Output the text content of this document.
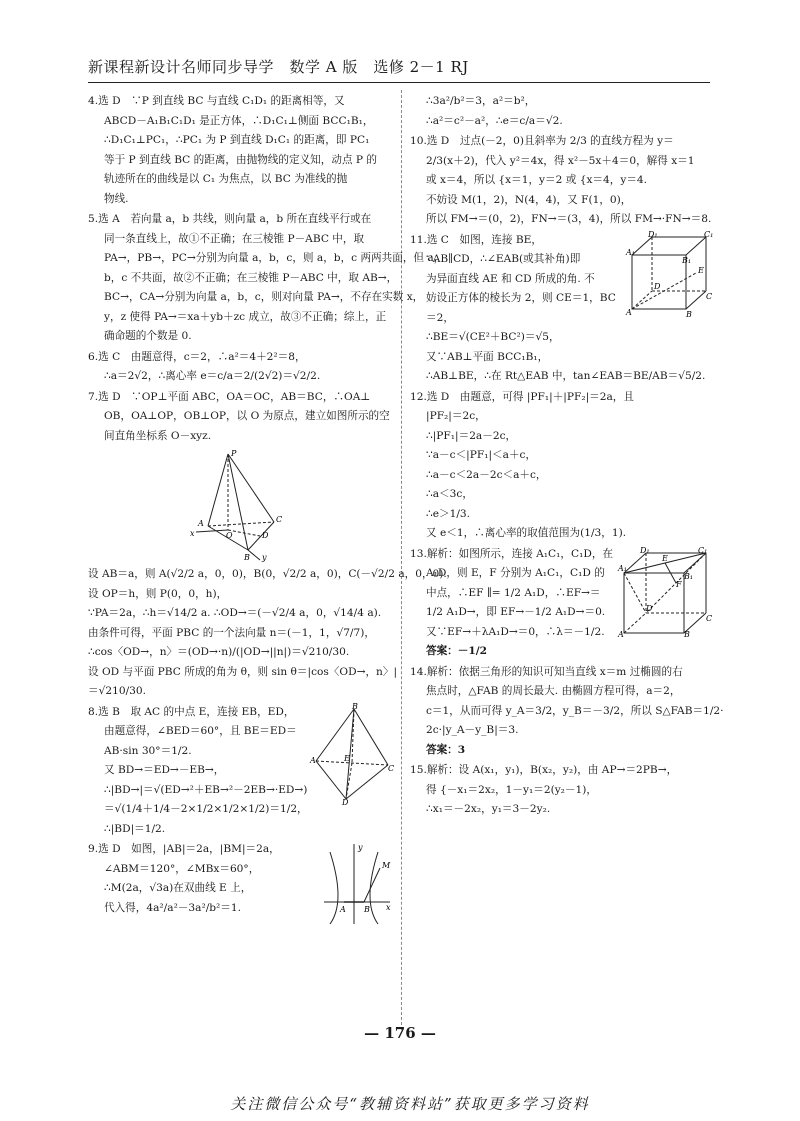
新课程新设计名师同步导学　数学 A 版　选修 2－1 RJ
4.选 D　∵P 到直线 BC 与直线 C₁D₁ 的距离相等，又
ABCD－A₁B₁C₁D₁ 是正方体，∴D₁C₁⊥侧面 BCC₁B₁，
∴D₁C₁⊥PC₁，∴PC₁ 为 P 到直线 D₁C₁ 的距离，即 PC₁
等于 P 到直线 BC 的距离，由抛物线的定义知，动点 P 的
轨迹所在的曲线是以 C₁ 为焦点，以 BC 为准线的抛
物线.
5.选 A　若向量 a，b 共线，则向量 a，b 所在直线平行或在
同一条直线上，故①不正确；在三棱锥 P－ABC 中，取
PA→，PB→，PC→分别为向量 a，b，c，则 a，b，c 两两共面，但 a，
b，c 不共面，故②不正确；在三棱锥 P－ABC 中，取 AB→，
BC→，CA→分别为向量 a，b，c，则对向量 PA→，不存在实数 x，
y，z 使得 PA→＝xa＋yb＋zc 成立，故③不正确；综上，正
确命题的个数是 0.
6.选 C　由题意得，c＝2，∴a²＝4＋2²＝8，
∴a＝2√2，∴离心率 e＝c/a＝2/(2√2)＝√2/2.
7.选 D　∵OP⊥平面 ABC，OA＝OC，AB＝BC，∴OA⊥
OB，OA⊥OP，OB⊥OP，以 O 为原点，建立如图所示的空
间直角坐标系 O－xyz.
P
A	C
B
O	D
x
y
设 AB＝a，则 A(√2/2 a，0，0)，B(0，√2/2 a，0)，C(－√2/2 a，0，0).
设 OP＝h，则 P(0，0，h)，
∵PA＝2a，∴h＝√14/2 a. ∴OD→＝(－√2/4 a，0，√14/4 a).
由条件可得，平面 PBC 的一个法向量 n＝(－1，1，√7/7)，
∴cos〈OD→，n〉＝(OD→·n)/(|OD→||n|)＝√210/30.
设 OD 与平面 PBC 所成的角为 θ，则 sin θ＝|cos〈OD→，n〉|
＝√210/30.
B
A
C
D
E
8.选 B　取 AC 的中点 E，连接 EB，ED，
由题意得，∠BED＝60°，且 BE＝ED＝
AB·sin 30°＝1/2.
又 BD→＝ED→－EB→，
∴|BD→|＝√(ED→²＋EB→²－2EB→·ED→)
＝√(1/4＋1/4－2×1/2×1/2×1/2)＝1/2，
∴|BD|＝1/2.
M
A B
y
x
9.选 D　如图，|AB|＝2a，|BM|＝2a，
∠ABM＝120°，∠MBx＝60°，
∴M(2a，√3a)在双曲线 E 上，
代入得，4a²/a²－3a²/b²＝1.
∴3a²/b²＝3，a²＝b²，
∴a²＝c²－a²，∴e＝c/a＝√2.
10.选 D　过点(－2，0)且斜率为 2/3 的直线方程为 y＝
2/3(x＋2)，代入 y²＝4x，得 x²－5x＋4＝0，解得 x＝1
或 x＝4，所以 {x＝1，y＝2 或 {x＝4，y＝4.
不妨设 M(1，2)，N(4，4)，又 F(1，0)，
所以 FM→＝(0，2)，FN→＝(3，4)，所以 FM→·FN→＝8.
D₁	C₁
A₁
B₁
E
A	B
C
D
11.选 C　如图，连接 BE，
∵AB∥CD，∴∠EAB(或其补角)即
为异面直线 AE 和 CD 所成的角. 不
妨设正方体的棱长为 2，则 CE＝1，BC
＝2，
∴BE＝√(CE²＋BC²)＝√5，
又∵AB⊥平面 BCC₁B₁，
∴AB⊥BE，∴在 Rt△EAB 中，tan∠EAB＝BE/AB＝√5/2.
12.选 D　由题意，可得 |PF₁|＋|PF₂|＝2a，且
|PF₂|＝2c，
∴|PF₁|＝2a－2c，
∵a－c＜|PF₁|＜a＋c，
∴a－c＜2a－2c＜a＋c，
∴a＜3c，
∴e＞1/3.
又 e＜1，∴离心率的取值范围为(1/3，1).
D₁	C₁
A₁
B₁
E
F
A	B
D
C
13.解析：如图所示，连接 A₁C₁，C₁D，在
A₁D，则 E，F 分别为 A₁C₁，C₁D 的
中点，∴EF ∥= 1/2 A₁D，∴EF→＝
1/2 A₁D→，即 EF→－1/2 A₁D→＝0.
又∵EF→＋λA₁D→＝0，∴λ＝－1/2.
答案：－1/2
14.解析：依据三角形的知识可知当直线 x＝m 过椭圆的右
焦点时，△FAB 的周长最大. 由椭圆方程可得，a＝2，
c＝1，从而可得 y_A＝3/2，y_B＝－3/2，所以 S△FAB＝1/2·
2c·|y_A－y_B|＝3.
答案：3
15.解析：设 A(x₁，y₁)，B(x₂，y₂)，由 AP→＝2PB→，
得 {－x₁＝2x₂，1－y₁＝2(y₂－1)，
∴x₁＝－2x₂，y₁＝3－2y₂.
— 176 —
关注微信公众号“教辅资料站”获取更多学习资料
